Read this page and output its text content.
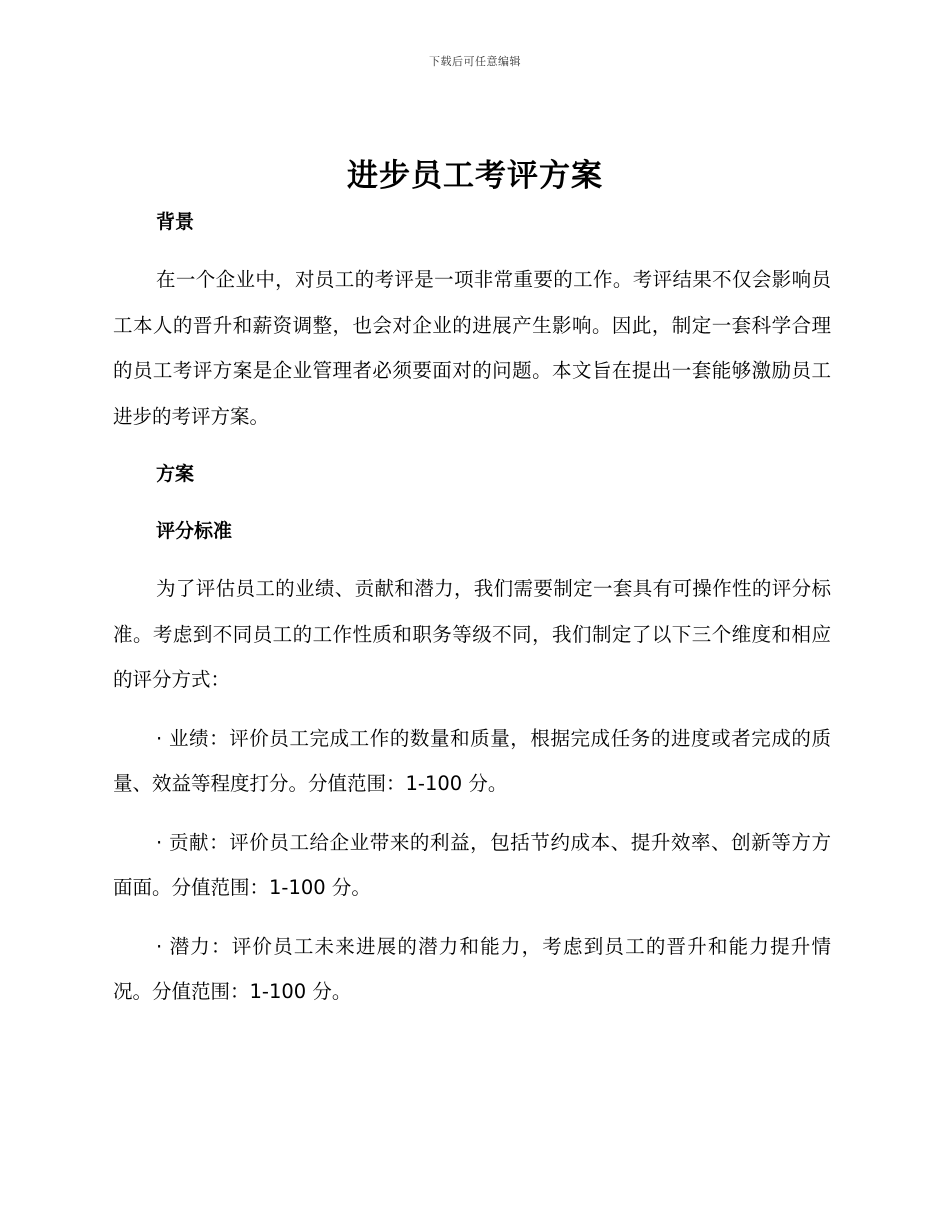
下载后可任意编辑
进步员工考评方案

背景

在一个企业中，对员工的考评是一项非常重要的工作。考评结果不仅会影响员工本人的晋升和薪资调整，也会对企业的进展产生影响。因此，制定一套科学合理的员工考评方案是企业管理者必须要面对的问题。本文旨在提出一套能够激励员工进步的考评方案。

方案

评分标准

为了评估员工的业绩、贡献和潜力，我们需要制定一套具有可操作性的评分标准。考虑到不同员工的工作性质和职务等级不同，我们制定了以下三个维度和相应的评分方式：

· 业绩：评价员工完成工作的数量和质量，根据完成任务的进度或者完成的质量、效益等程度打分。分值范围：1-100 分。

· 贡献：评价员工给企业带来的利益，包括节约成本、提升效率、创新等方方面面。分值范围：1-100 分。

· 潜力：评价员工未来进展的潜力和能力，考虑到员工的晋升和能力提升情况。分值范围：1-100 分。
